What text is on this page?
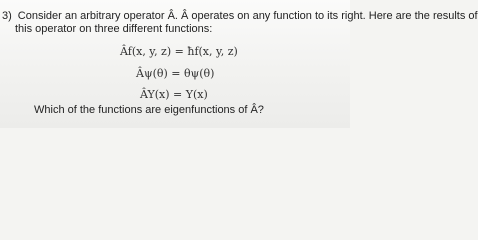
3) Consider an arbitrary operator Â. Â operates on any function to its right. Here are the results of
this operator on three different functions:
Âf(x, y, z) = ħf(x, y, z)
Âψ(θ) = θψ(θ)
ÂY(x) = Y(x)
Which of the functions are eigenfunctions of Â?
